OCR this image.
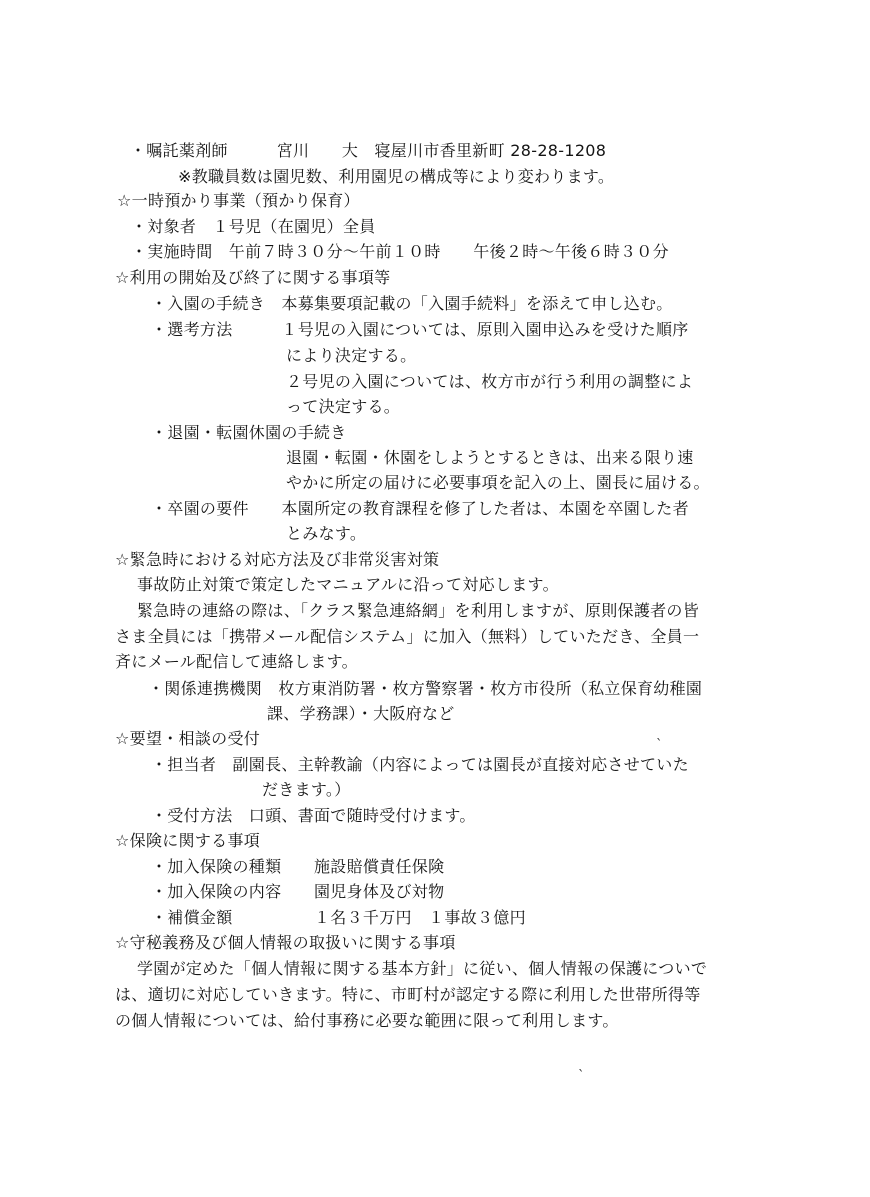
・嘱託薬剤師　　　宮川　　大　寝屋川市香里新町 28-28-1208
※教職員数は園児数、利用園児の構成等により変わります。
☆一時預かり事業（預かり保育）
・対象者　１号児（在園児）全員
・実施時間　午前７時３０分～午前１０時　　午後２時～午後６時３０分
☆利用の開始及び終了に関する事項等
・入園の手続き　本募集要項記載の「入園手続料」を添えて申し込む。
・選考方法　　　１号児の入園については、原則入園申込みを受けた順序
により決定する。
２号児の入園については、枚方市が行う利用の調整によ
って決定する。
・退園・転園休園の手続き
退園・転園・休園をしようとするときは、出来る限り速
やかに所定の届けに必要事項を記入の上、園長に届ける。
・卒園の要件　　本園所定の教育課程を修了した者は、本園を卒園した者
とみなす。
☆緊急時における対応方法及び非常災害対策
事故防止対策で策定したマニュアルに沿って対応します。
緊急時の連絡の際は、「クラス緊急連絡網」を利用しますが、原則保護者の皆
さま全員には「携帯メール配信システム」に加入（無料）していただき、全員一
斉にメール配信して連絡します。
・関係連携機関　枚方東消防署・枚方警察署・枚方市役所（私立保育幼稚園
課、学務課）・大阪府など
☆要望・相談の受付
・担当者　副園長、主幹教諭（内容によっては園長が直接対応させていた
だきます。）
・受付方法　口頭、書面で随時受付けます。
☆保険に関する事項
・加入保険の種類　　施設賠償責任保険
・加入保険の内容　　園児身体及び対物
・補償金額　　　　　１名３千万円　１事故３億円
☆守秘義務及び個人情報の取扱いに関する事項
学園が定めた「個人情報に関する基本方針」に従い、個人情報の保護についで
は、適切に対応していきます。特に、市町村が認定する際に利用した世帯所得等
の個人情報については、給付事務に必要な範囲に限って利用します。
ˋ
ˋ
